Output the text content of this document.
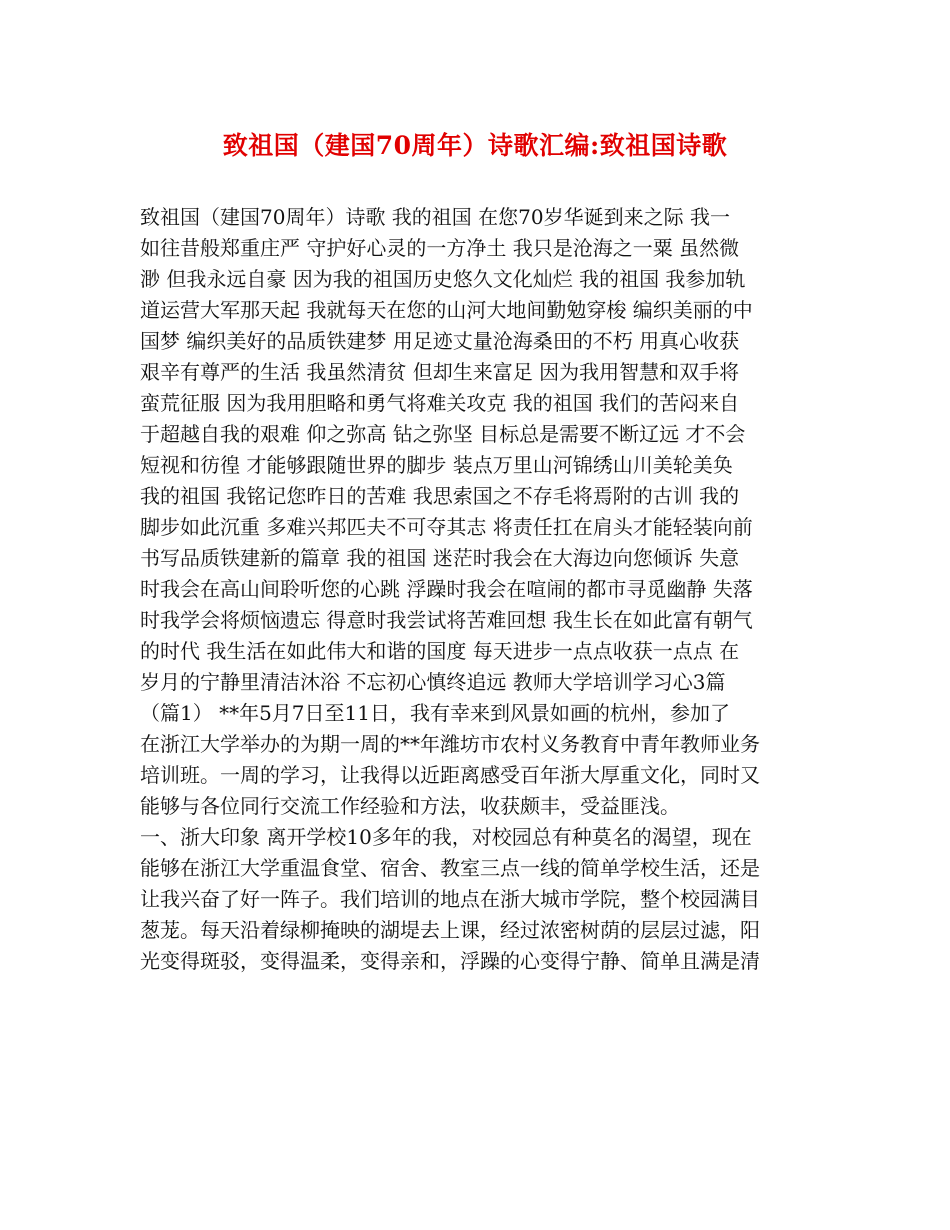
致祖国（建国70周年）诗歌汇编:致祖国诗歌
致祖国（建国70周年）诗歌 我的祖国 在您70岁华诞到来之际 我一
如往昔般郑重庄严 守护好心灵的一方净土 我只是沧海之一粟 虽然微
渺 但我永远自豪 因为我的祖国历史悠久文化灿烂 我的祖国 我参加轨
道运营大军那天起 我就每天在您的山河大地间勤勉穿梭 编织美丽的中
国梦 编织美好的品质铁建梦 用足迹丈量沧海桑田的不朽 用真心收获
艰辛有尊严的生活 我虽然清贫 但却生来富足 因为我用智慧和双手将
蛮荒征服 因为我用胆略和勇气将难关攻克 我的祖国 我们的苦闷来自
于超越自我的艰难 仰之弥高 钻之弥坚 目标总是需要不断辽远 才不会
短视和彷徨 才能够跟随世界的脚步 装点万里山河锦绣山川美轮美奂
我的祖国 我铭记您昨日的苦难 我思索国之不存毛将焉附的古训 我的
脚步如此沉重 多难兴邦匹夫不可夺其志 将责任扛在肩头才能轻装向前
书写品质铁建新的篇章 我的祖国 迷茫时我会在大海边向您倾诉 失意
时我会在高山间聆听您的心跳 浮躁时我会在喧闹的都市寻觅幽静 失落
时我学会将烦恼遗忘 得意时我尝试将苦难回想 我生长在如此富有朝气
的时代 我生活在如此伟大和谐的国度 每天进步一点点收获一点点 在
岁月的宁静里清洁沐浴 不忘初心慎终追远 教师大学培训学习心3篇
（篇1） **年5月7日至11日，我有幸来到风景如画的杭州，参加了
在浙江大学举办的为期一周的**年潍坊市农村义务教育中青年教师业务
培训班。一周的学习，让我得以近距离感受百年浙大厚重文化，同时又
能够与各位同行交流工作经验和方法，收获颇丰，受益匪浅。
一、浙大印象 离开学校10多年的我，对校园总有种莫名的渴望，现在
能够在浙江大学重温食堂、宿舍、教室三点一线的简单学校生活，还是
让我兴奋了好一阵子。我们培训的地点在浙大城市学院，整个校园满目
葱茏。每天沿着绿柳掩映的湖堤去上课，经过浓密树荫的层层过滤，阳
光变得斑驳，变得温柔，变得亲和，浮躁的心变得宁静、简单且满是清
